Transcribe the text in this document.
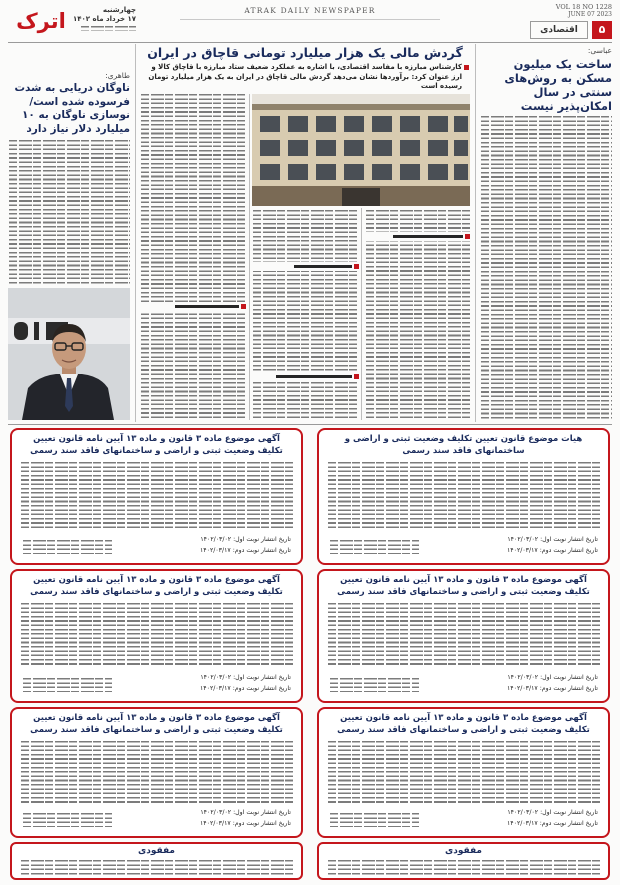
اترک	چهارشنبه
۱۷ خرداد ماه ۱۴۰۲
ATRAK DAILY NEWSPAPER	VOL 18 NO 1228
JUNE 07 2023
۵
اقتصادی
عباسی:
ساخت یک میلیون مسکن به روش‌های سنتی در سال امکان‌پذیر نیست
گردش مالی یک هزار میلیارد تومانی قاچاق در ایران
کارشناس مبارزه با مفاسد اقتصادی، با اشاره به عملکرد ضعیف ستاد مبارزه با قاچاق کالا و ارز عنوان کرد: برآوردها نشان می‌دهد گردش مالی قاچاق در ایران به یک هزار میلیارد تومان رسیده است
طاهری:
ناوگان دریایی به شدت فرسوده شده است/ نوسازی ناوگان به ۱۰ میلیارد دلار نیاز دارد
هیات موضوع قانون تعیین تکلیف وضعیت ثبتی و اراضی و ساختمانهای فاقد سند رسمی
تاریخ انتشار نوبت اول: ۱۴۰۲/۰۳/۰۲
تاریخ انتشار نوبت دوم: ۱۴۰۲/۰۳/۱۷
آگهی موضوع ماده ۳ قانون و ماده ۱۳ آیین نامه قانون تعیین تکلیف وضعیت ثبتی و اراضی و ساختمانهای فاقد سند رسمی
تاریخ انتشار نوبت اول: ۱۴۰۲/۰۳/۰۲
تاریخ انتشار نوبت دوم: ۱۴۰۲/۰۳/۱۷
آگهی موضوع ماده ۳ قانون و ماده ۱۳ آیین نامه قانون تعیین تکلیف وضعیت ثبتی و اراضی و ساختمانهای فاقد سند رسمی
تاریخ انتشار نوبت اول: ۱۴۰۲/۰۳/۰۲
تاریخ انتشار نوبت دوم: ۱۴۰۲/۰۳/۱۷
آگهی موضوع ماده ۳ قانون و ماده ۱۳ آیین نامه قانون تعیین تکلیف وضعیت ثبتی و اراضی و ساختمانهای فاقد سند رسمی
تاریخ انتشار نوبت اول: ۱۴۰۲/۰۳/۰۲
تاریخ انتشار نوبت دوم: ۱۴۰۲/۰۳/۱۷
آگهی موضوع ماده ۳ قانون و ماده ۱۳ آیین نامه قانون تعیین تکلیف وضعیت ثبتی و اراضی و ساختمانهای فاقد سند رسمی
تاریخ انتشار نوبت اول: ۱۴۰۲/۰۳/۰۲
تاریخ انتشار نوبت دوم: ۱۴۰۲/۰۳/۱۷
آگهی موضوع ماده ۳ قانون و ماده ۱۳ آیین نامه قانون تعیین تکلیف وضعیت ثبتی و اراضی و ساختمانهای فاقد سند رسمی
تاریخ انتشار نوبت اول: ۱۴۰۲/۰۳/۰۲
تاریخ انتشار نوبت دوم: ۱۴۰۲/۰۳/۱۷
مفقودی
مفقودی
